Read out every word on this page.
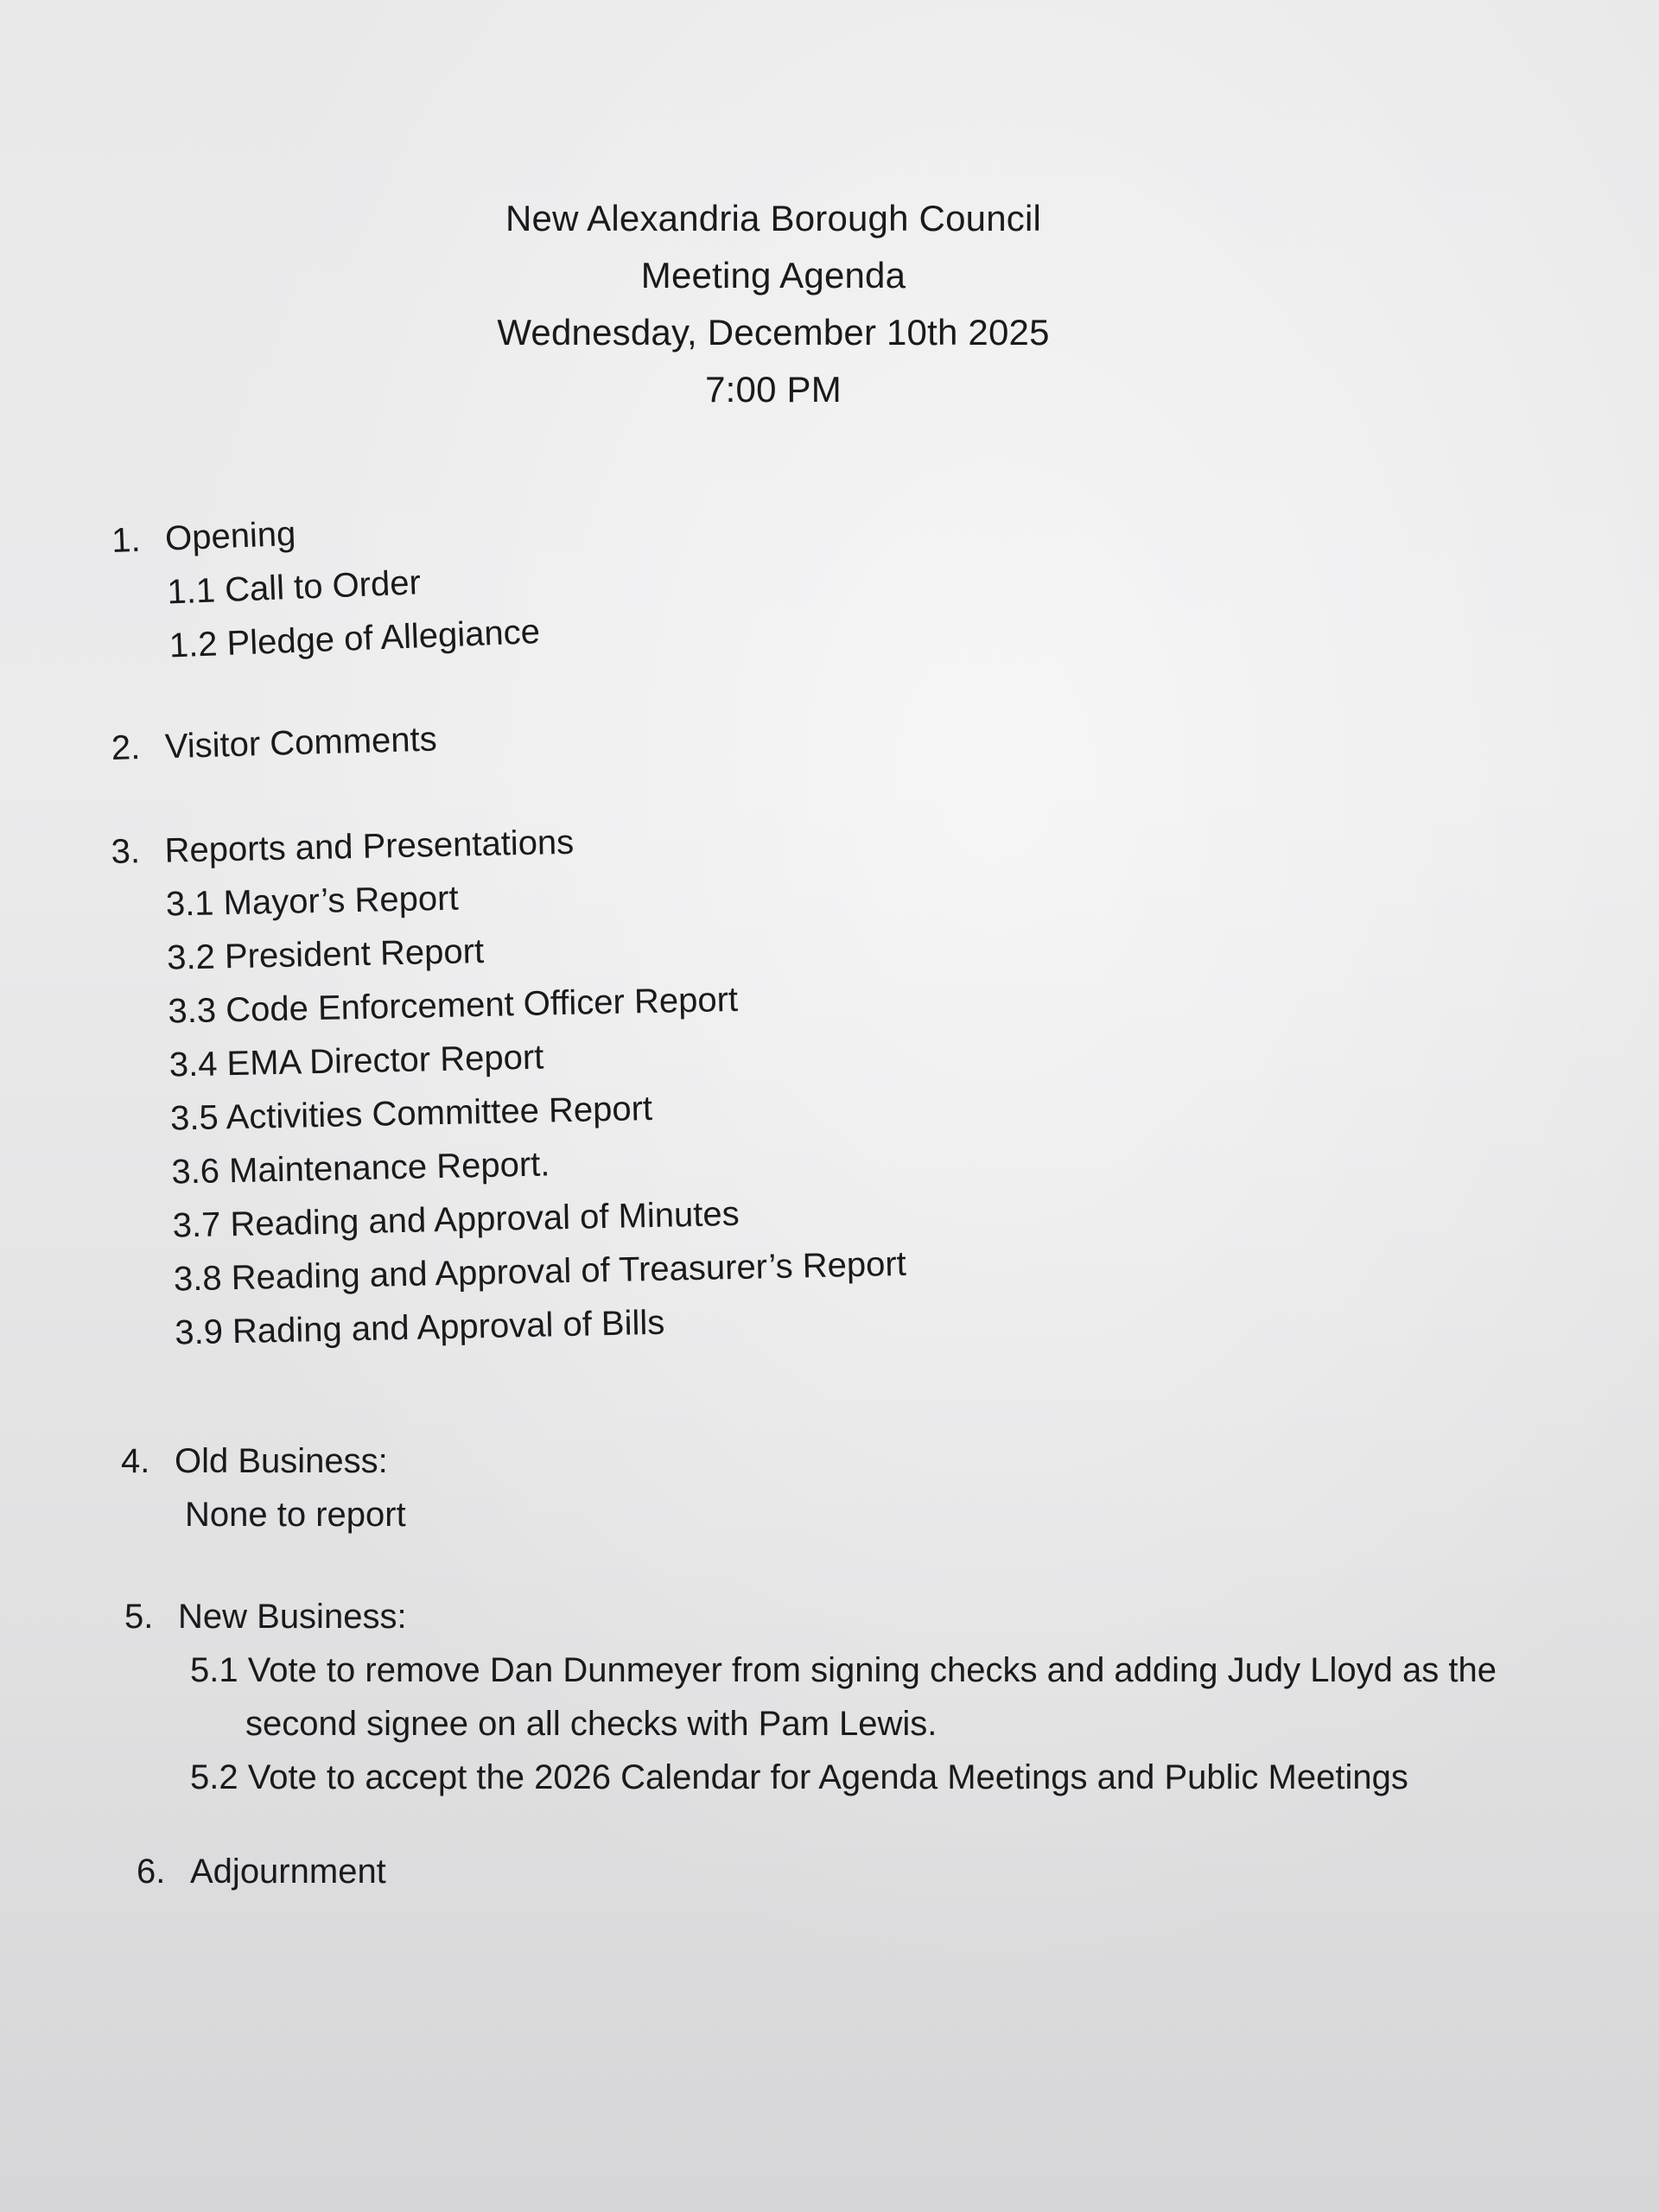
New Alexandria Borough Council
Meeting Agenda
Wednesday, December 10th 2025
7:00 PM
1. Opening
1.1 Call to Order
1.2 Pledge of Allegiance
2. Visitor Comments
3. Reports and Presentations
3.1 Mayor’s Report
3.2 President Report
3.3 Code Enforcement Officer Report
3.4 EMA Director Report
3.5 Activities Committee Report
3.6 Maintenance Report.
3.7 Reading and Approval of Minutes
3.8 Reading and Approval of Treasurer’s Report
3.9 Rading and Approval of Bills
4. Old Business:
None to report
5. New Business:
5.1 Vote to remove Dan Dunmeyer from signing checks and adding Judy Lloyd as the
second signee on all checks with Pam Lewis.
5.2 Vote to accept the 2026 Calendar for Agenda Meetings and Public Meetings
6. Adjournment
